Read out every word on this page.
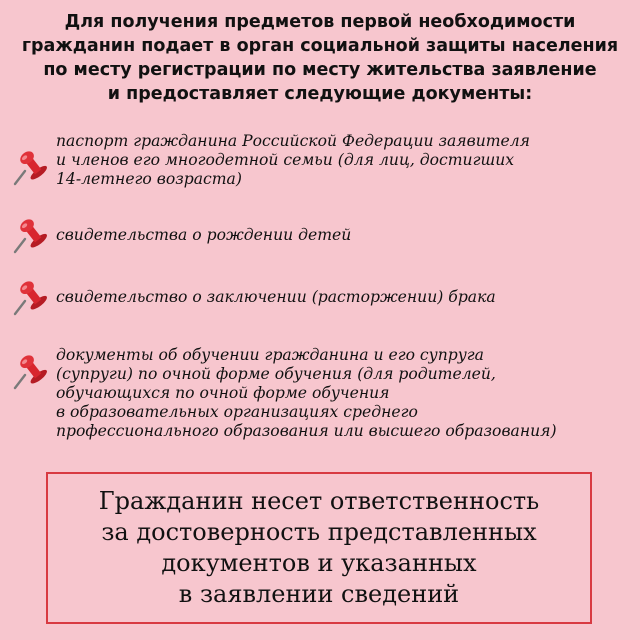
Для получения предметов первой необходимости
гражданин подает в орган социальной защиты населения
по месту регистрации по месту жительства заявление
и предоставляет следующие документы:
паспорт гражданина Российской Федерации заявителя
и членов его многодетной семьи (для лиц, достигших
14-летнего возраста)
свидетельства о рождении детей
свидетельство о заключении (расторжении) брака
документы об обучении гражданина и его супруга
(супруги) по очной форме обучения (для родителей,
обучающихся по очной форме обучения
в образовательных организациях среднего
профессионального образования или высшего образования)
Гражданин несет ответственность
за достоверность представленных
документов и указанных
в заявлении сведений
